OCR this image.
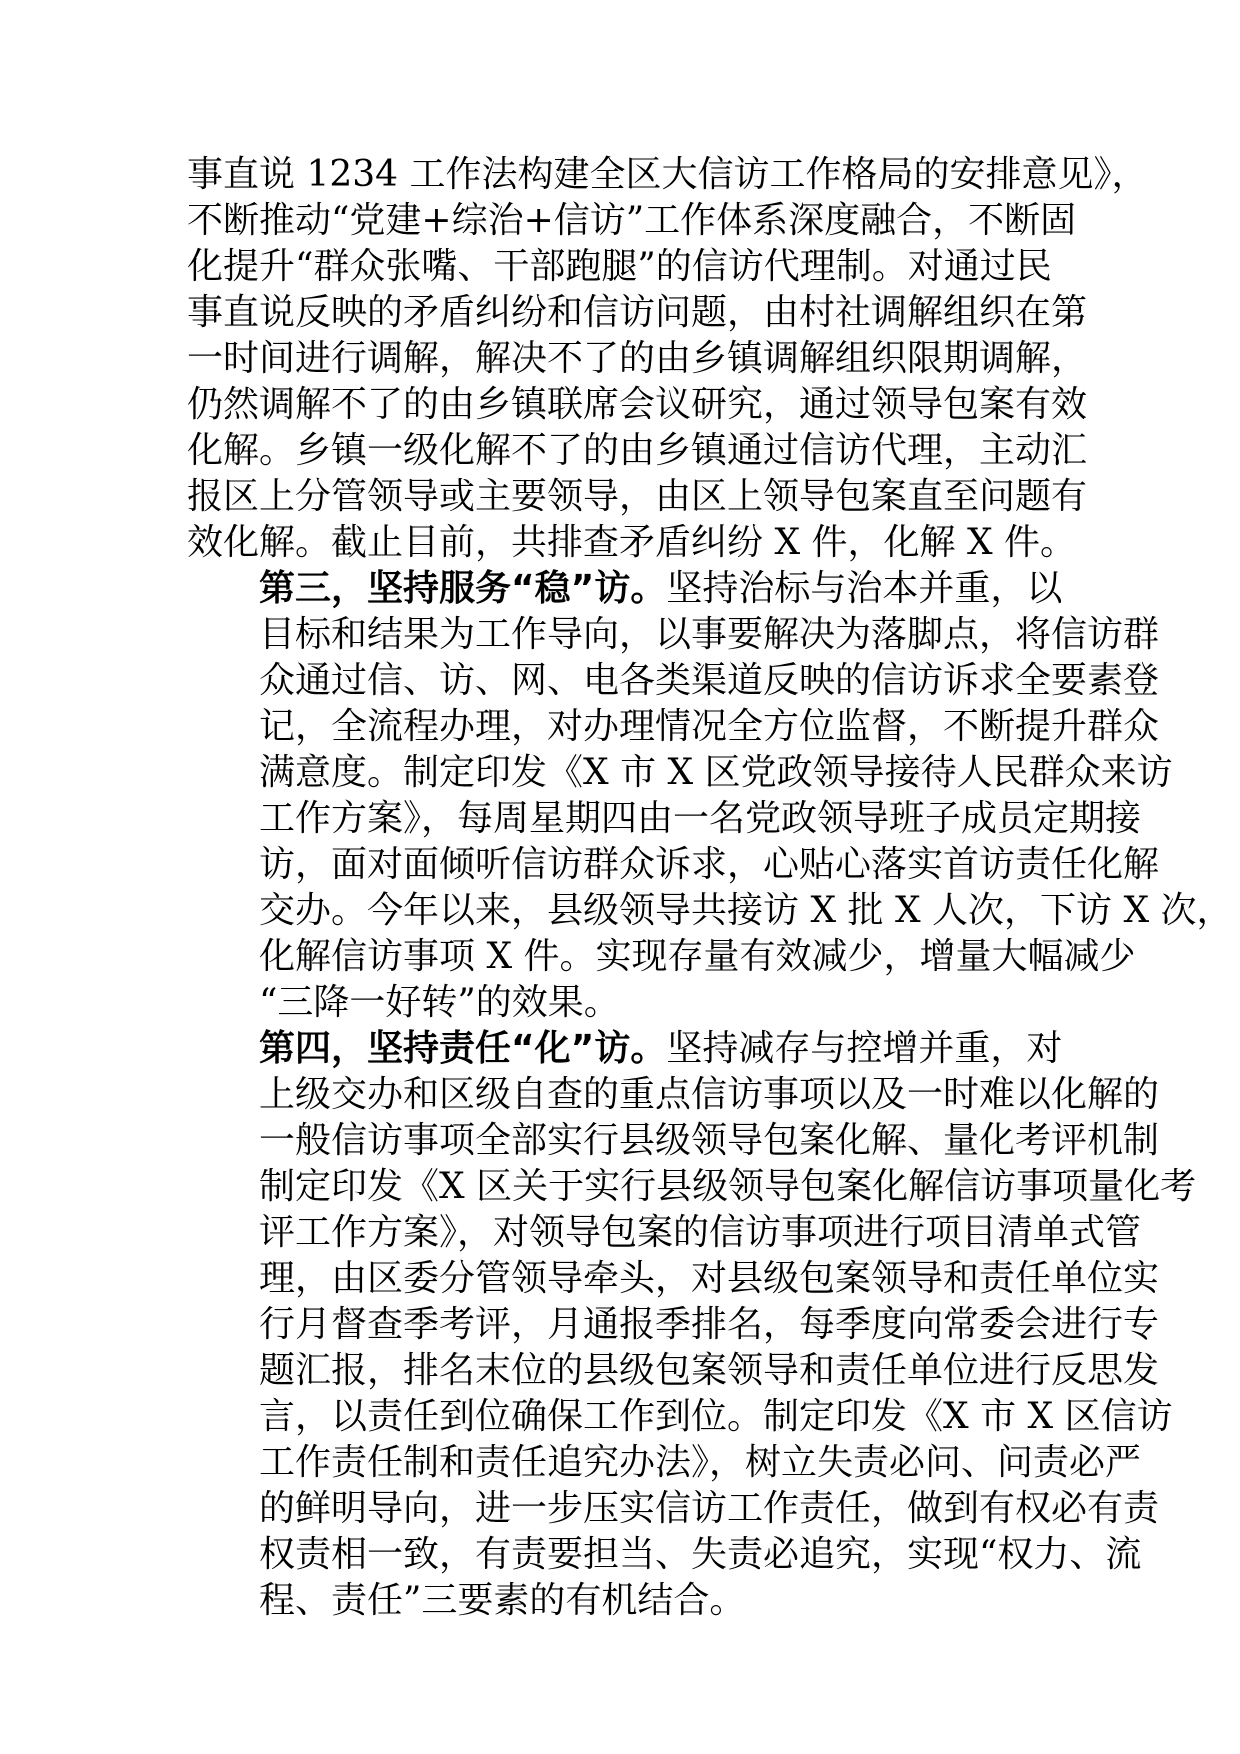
事直说 1234 工作法构建全区大信访工作格局的安排意见》，
不断推动“党建+综治+信访”工作体系深度融合，不断固
化提升“群众张嘴、干部跑腿”的信访代理制。对通过民
事直说反映的矛盾纠纷和信访问题，由村社调解组织在第
一时间进行调解，解决不了的由乡镇调解组织限期调解，
仍然调解不了的由乡镇联席会议研究，通过领导包案有效
化解。乡镇一级化解不了的由乡镇通过信访代理，主动汇
报区上分管领导或主要领导，由区上领导包案直至问题有
效化解。截止目前，共排查矛盾纠纷 X 件，化解 X 件。

第三，坚持服务“稳”访。坚持治标与治本并重，以
目标和结果为工作导向，以事要解决为落脚点，将信访群
众通过信、访、网、电各类渠道反映的信访诉求全要素登
记，全流程办理，对办理情况全方位监督，不断提升群众
满意度。制定印发《X 市 X 区党政领导接待人民群众来访
工作方案》，每周星期四由一名党政领导班子成员定期接
访，面对面倾听信访群众诉求，心贴心落实首访责任化解
交办。今年以来，县级领导共接访 X 批 X 人次，下访 X 次，
化解信访事项 X 件。实现存量有效减少，增量大幅减少
“三降一好转”的效果。

第四，坚持责任“化”访。坚持减存与控增并重，对
上级交办和区级自查的重点信访事项以及一时难以化解的
一般信访事项全部实行县级领导包案化解、量化考评机制
制定印发《X 区关于实行县级领导包案化解信访事项量化考
评工作方案》，对领导包案的信访事项进行项目清单式管
理，由区委分管领导牵头，对县级包案领导和责任单位实
行月督查季考评，月通报季排名，每季度向常委会进行专
题汇报，排名末位的县级包案领导和责任单位进行反思发
言，以责任到位确保工作到位。制定印发《X 市 X 区信访
工作责任制和责任追究办法》，树立失责必问、问责必严
的鲜明导向，进一步压实信访工作责任，做到有权必有责
权责相一致，有责要担当、失责必追究，实现“权力、流
程、责任”三要素的有机结合。
